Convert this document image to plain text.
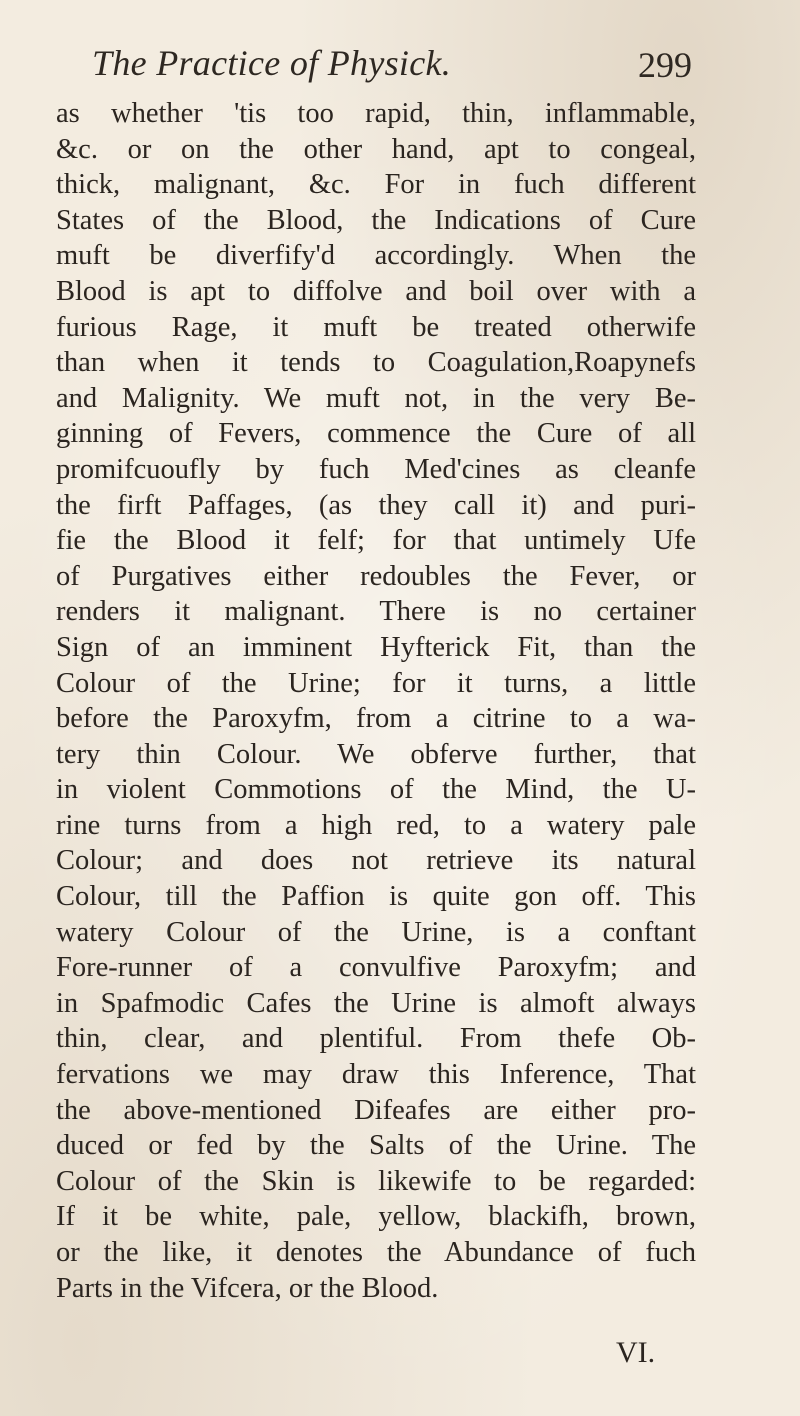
The Practice of Physick.	299
as whether 'tis too rapid, thin, inflammable,
&c. or on the other hand, apt to congeal,
thick, malignant, &c. For in fuch different
States of the Blood, the Indications of Cure
muft be diverfify'd accordingly. When the
Blood is apt to diffolve and boil over with a
furious Rage, it muft be treated otherwife
than when it tends to Coagulation,Roapynefs
and Malignity. We muft not, in the very Be-
ginning of Fevers, commence the Cure of all
promifcuoufly by fuch Med'cines as cleanfe
the firft Paffages, (as they call it) and puri-
fie the Blood it felf; for that untimely Ufe
of Purgatives either redoubles the Fever, or
renders it malignant. There is no certainer
Sign of an imminent Hyfterick Fit, than the
Colour of the Urine; for it turns, a little
before the Paroxyfm, from a citrine to a wa-
tery thin Colour. We obferve further, that
in violent Commotions of the Mind, the U-
rine turns from a high red, to a watery pale
Colour; and does not retrieve its natural
Colour, till the Paffion is quite gon off. This
watery Colour of the Urine, is a conftant
Fore-runner of a convulfive Paroxyfm; and
in Spafmodic Cafes the Urine is almoft always
thin, clear, and plentiful. From thefe Ob-
fervations we may draw this Inference, That
the above-mentioned Difeafes are either pro-
duced or fed by the Salts of the Urine. The
Colour of the Skin is likewife to be regarded:
If it be white, pale, yellow, blackifh, brown,
or the like, it denotes the Abundance of fuch
Parts in the Vifcera, or the Blood.
VI.
